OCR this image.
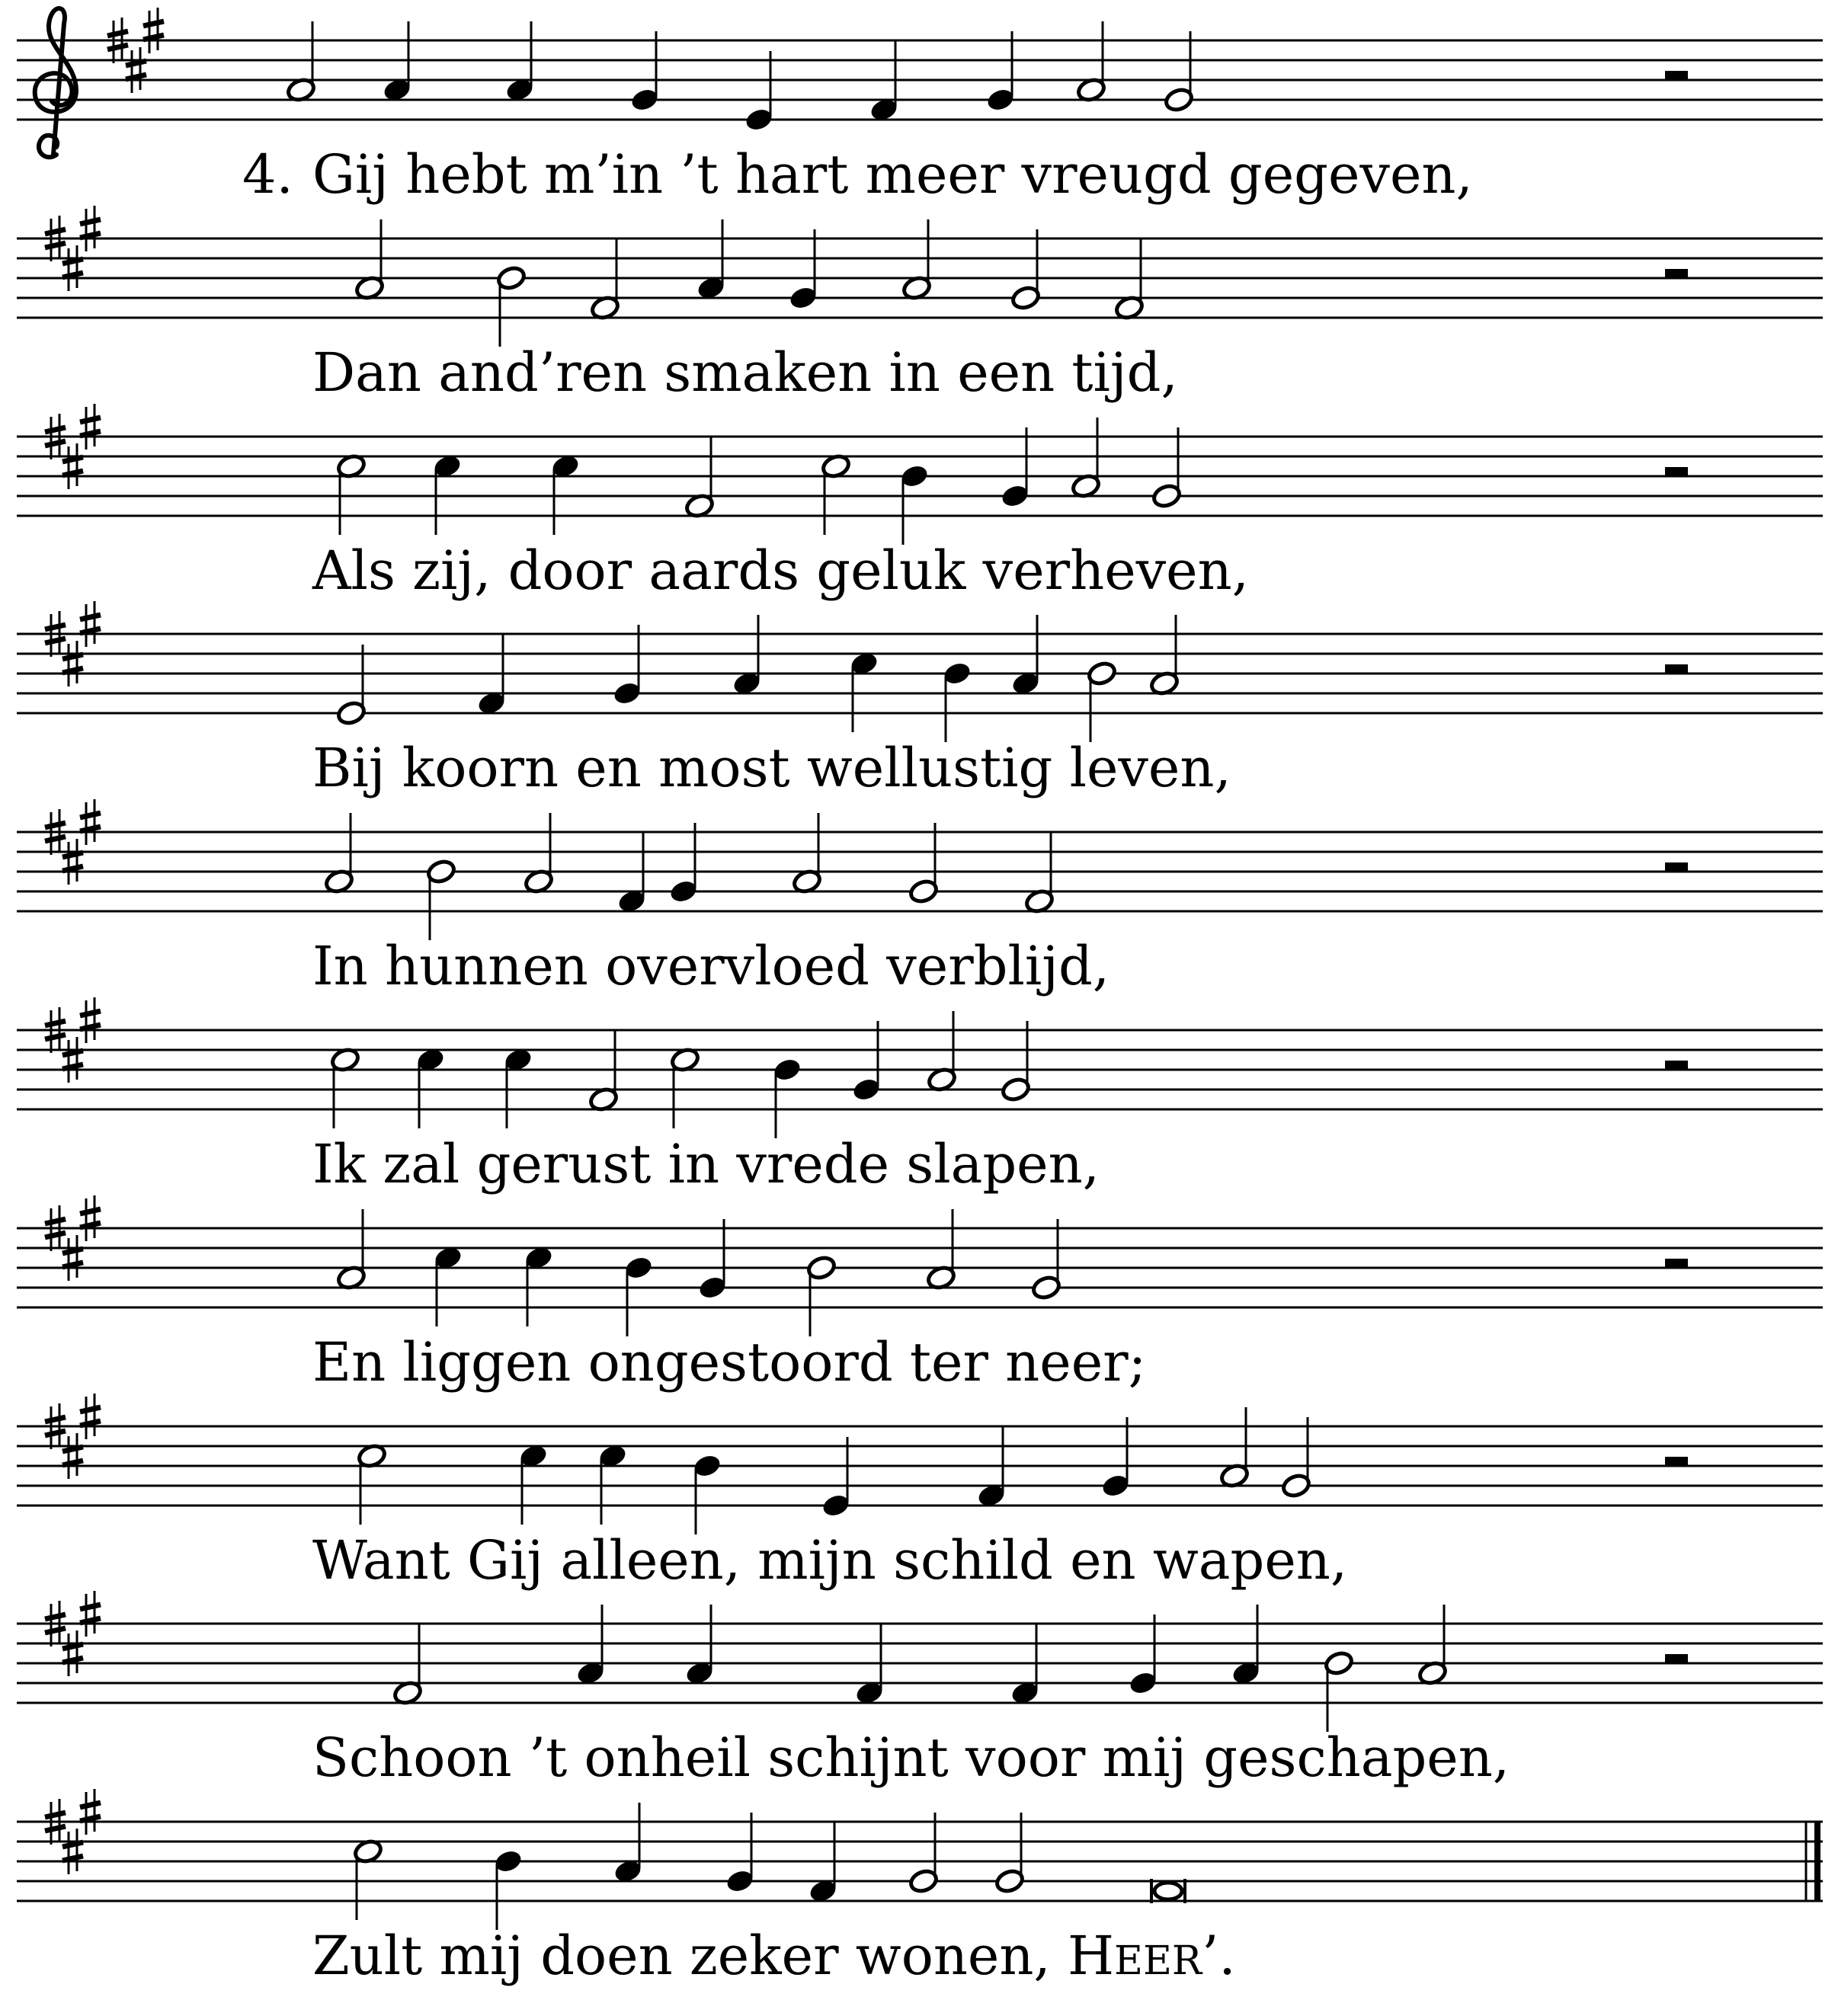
4. Gij hebt m’in ’t hart meer vreugd gegeven,
Dan and’ren smaken in een tijd,
Als zij, door aards geluk verheven,
Bij koorn en most wellustig leven,
In hunnen overvloed verblijd,
Ik zal gerust in vrede slapen,
En liggen ongestoord ter neer;
Want Gij alleen, mijn schild en wapen,
Schoon ’t onheil schijnt voor mij geschapen,
Zult mij doen zeker wonen, HEER’.
